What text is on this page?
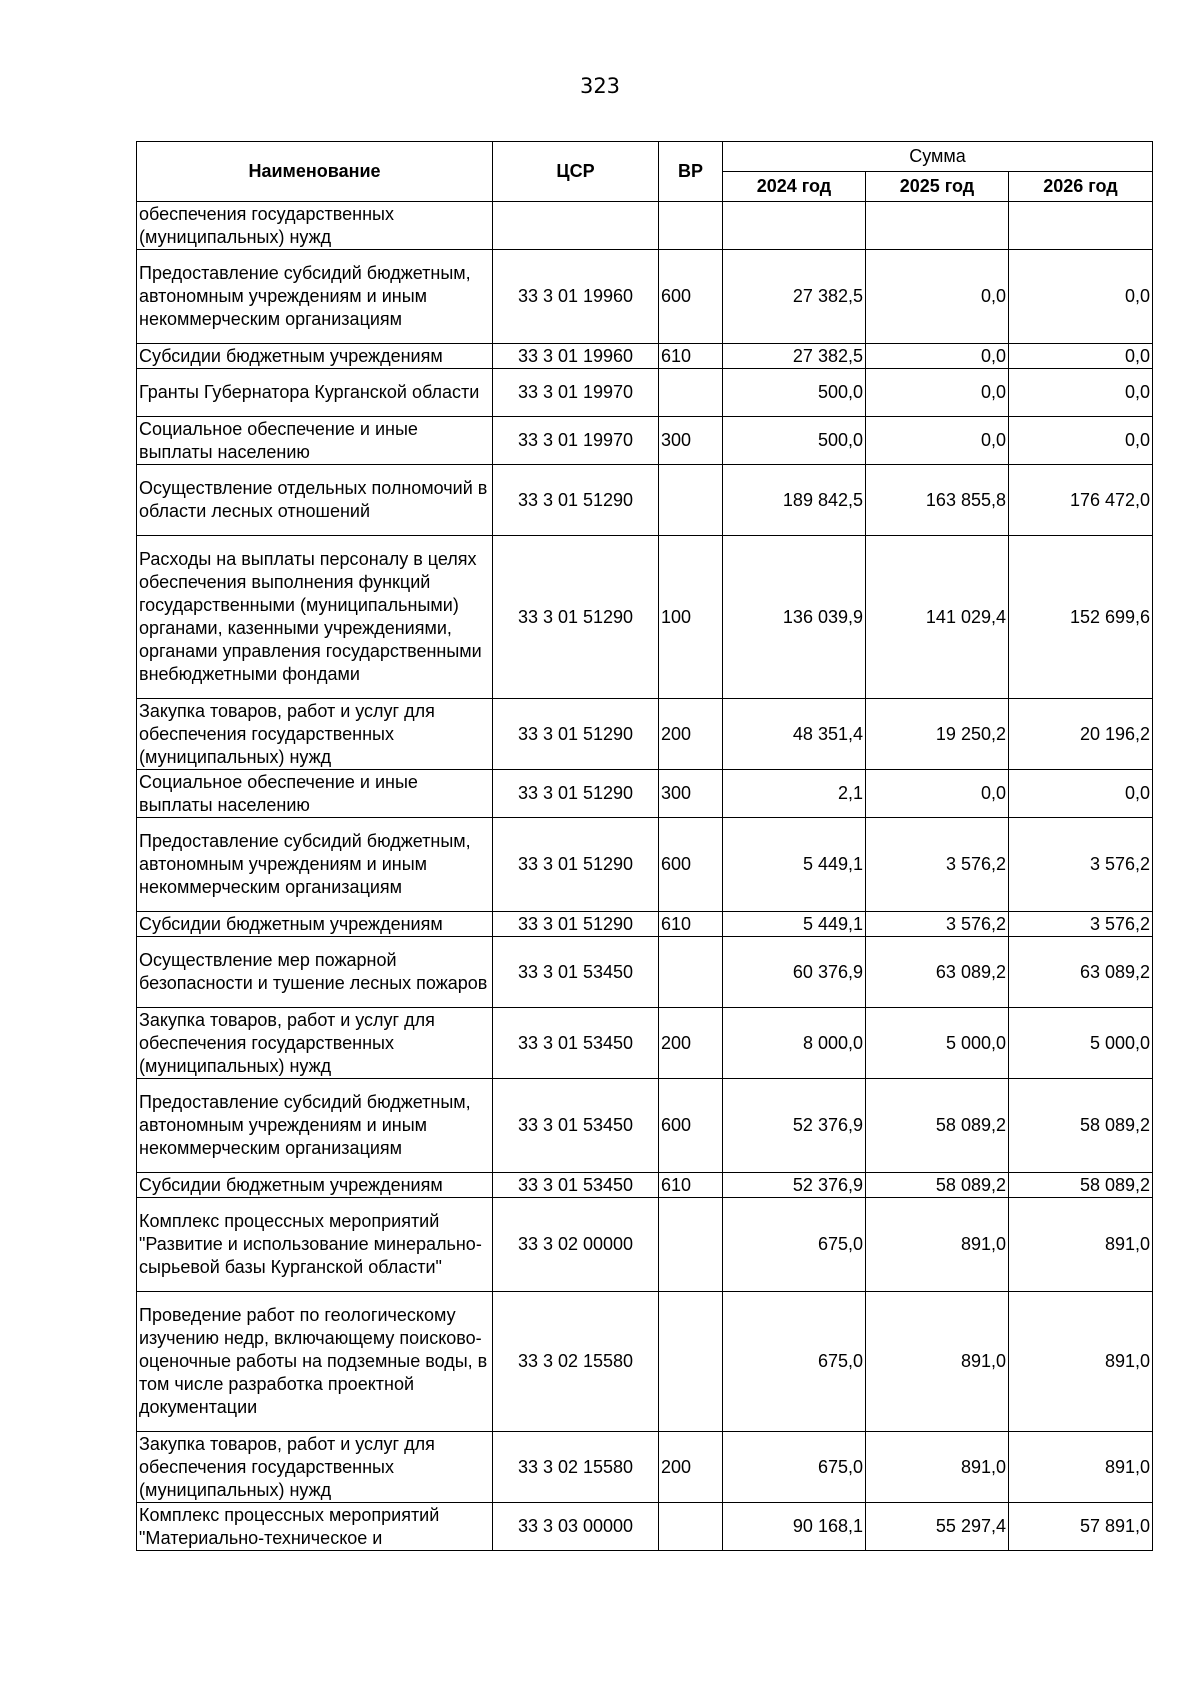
323
Наименование	ЦСР	ВР	Сумма		
			2024 год	2025 год	2026 год
обеспечения государственных (муниципальных) нужд					
Предоставление субсидий бюджетным, автономным учреждениям и иным некоммерческим организациям	33 3 01 19960	600	27 382,5	0,0	0,0
Субсидии бюджетным учреждениям	33 3 01 19960	610	27 382,5	0,0	0,0
Гранты Губернатора Курганской области	33 3 01 19970		500,0	0,0	0,0
Социальное обеспечение и иные выплаты населению	33 3 01 19970	300	500,0	0,0	0,0
Осуществление отдельных полномочий в области лесных отношений	33 3 01 51290		189 842,5	163 855,8	176 472,0
Расходы на выплаты персоналу в целях обеспечения выполнения функций государственными (муниципальными) органами, казенными учреждениями, органами управления государственными внебюджетными фондами	33 3 01 51290	100	136 039,9	141 029,4	152 699,6
Закупка товаров, работ и услуг для обеспечения государственных (муниципальных) нужд	33 3 01 51290	200	48 351,4	19 250,2	20 196,2
Социальное обеспечение и иные выплаты населению	33 3 01 51290	300	2,1	0,0	0,0
Предоставление субсидий бюджетным, автономным учреждениям и иным некоммерческим организациям	33 3 01 51290	600	5 449,1	3 576,2	3 576,2
Субсидии бюджетным учреждениям	33 3 01 51290	610	5 449,1	3 576,2	3 576,2
Осуществление мер пожарной безопасности и тушение лесных пожаров	33 3 01 53450		60 376,9	63 089,2	63 089,2
Закупка товаров, работ и услуг для обеспечения государственных (муниципальных) нужд	33 3 01 53450	200	8 000,0	5 000,0	5 000,0
Предоставление субсидий бюджетным, автономным учреждениям и иным некоммерческим организациям	33 3 01 53450	600	52 376,9	58 089,2	58 089,2
Субсидии бюджетным учреждениям	33 3 01 53450	610	52 376,9	58 089,2	58 089,2
Комплекс процессных мероприятий "Развитие и использование минерально-сырьевой базы Курганской области"	33 3 02 00000		675,0	891,0	891,0
Проведение работ по геологическому изучению недр, включающему поисково-оценочные работы на подземные воды, в том числе разработка проектной документации	33 3 02 15580		675,0	891,0	891,0
Закупка товаров, работ и услуг для обеспечения государственных (муниципальных) нужд	33 3 02 15580	200	675,0	891,0	891,0
Комплекс процессных мероприятий "Материально-техническое и	33 3 03 00000		90 168,1	55 297,4	57 891,0
